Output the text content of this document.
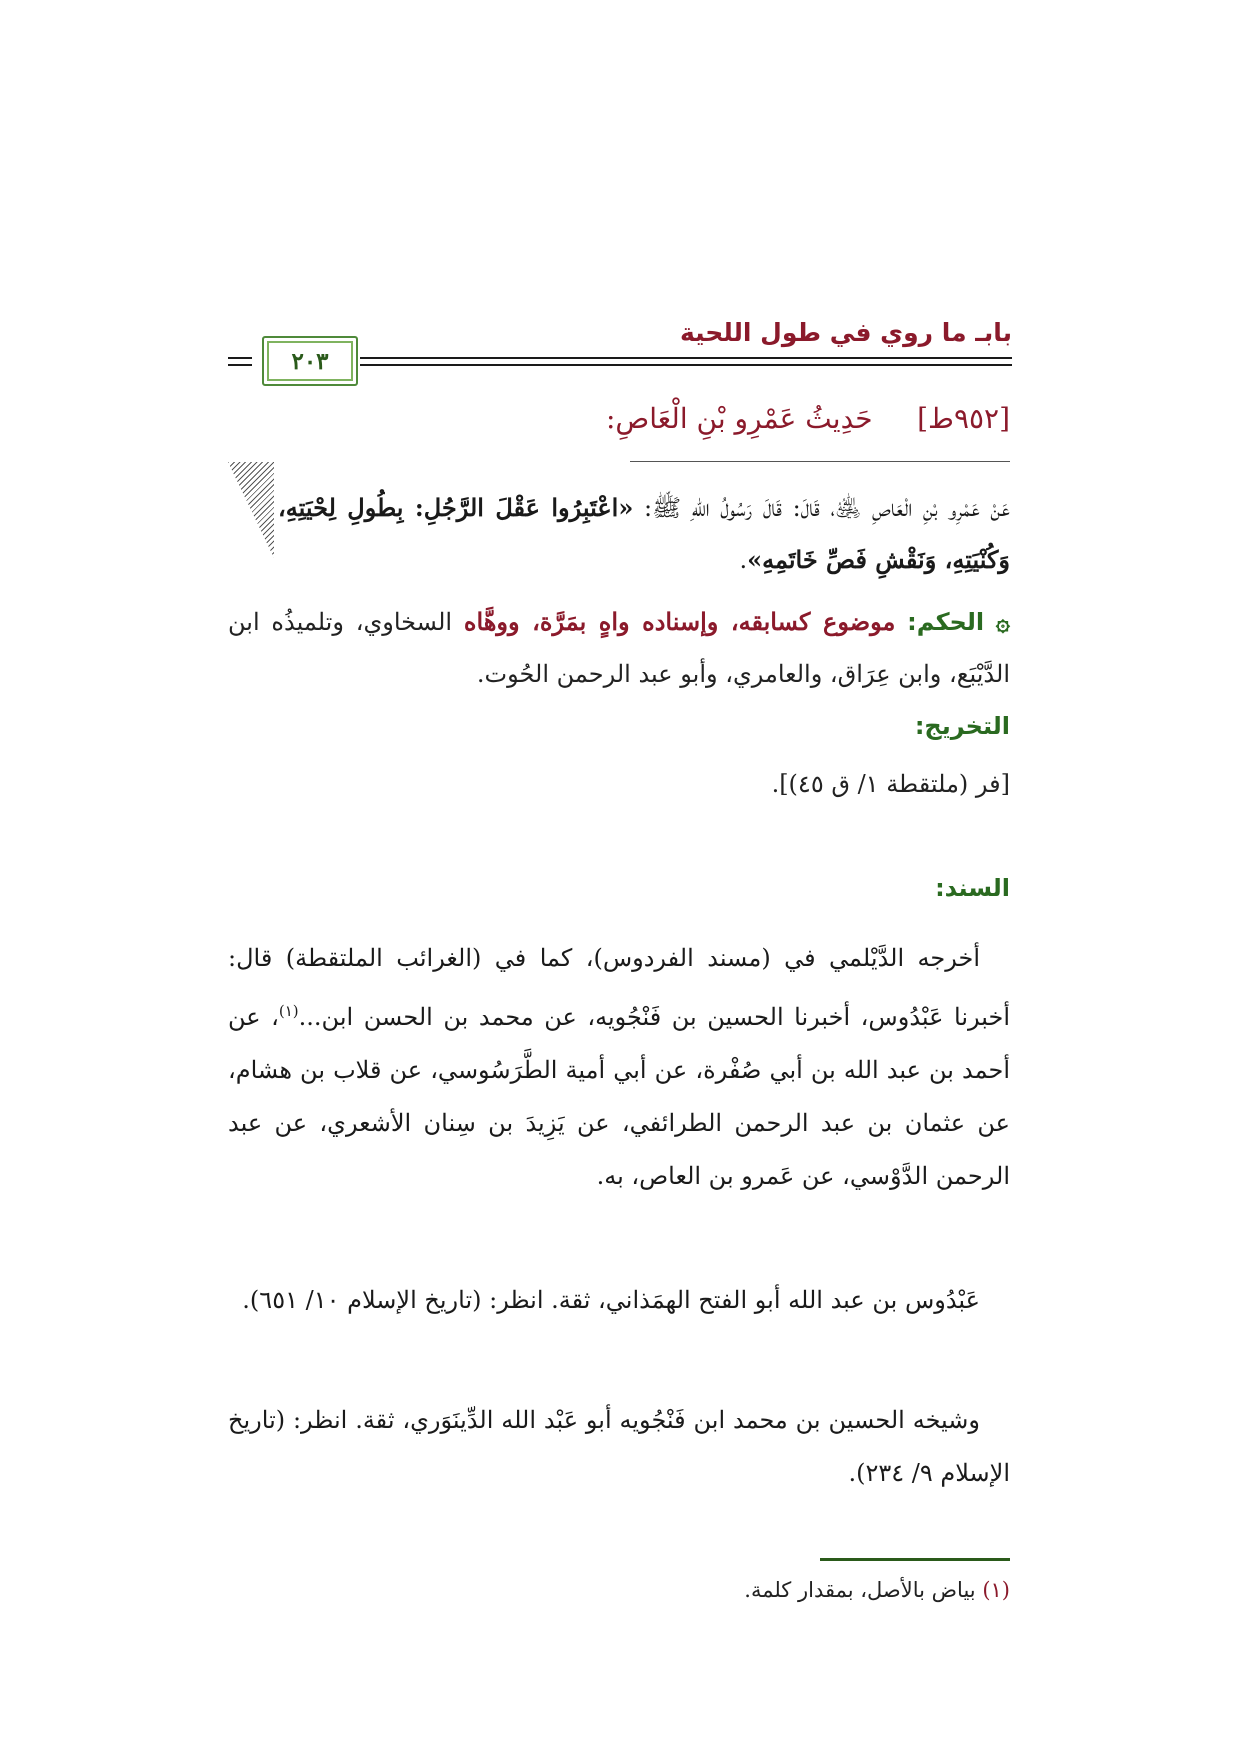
بابـ ما روي في طول اللحية
٢٠٣
[٩٥٢ط]     حَدِيثُ عَمْرِو بْنِ الْعَاصِ:
عَنْ عَمْرِو بْنِ الْعَاصِ ﵁، قَالَ: قَالَ رَسُولُ اللهِ ﷺ: «اعْتَبِرُوا عَقْلَ الرَّجُلِ: بِطُولِ لِحْيَتِهِ، وَكُنْيَتِهِ، وَنَقْشِ فَصِّ خَاتَمِهِ».
۞ الحكم: موضوع كسابقه، وإسناده واهٍ بمَرَّة، ووهَّاه السخاوي، وتلميذُه ابن الدَّيْبَع، وابن عِرَاق، والعامري، وأبو عبد الرحمن الحُوت.
التخريج:
[فر (ملتقطة ١/ ق ٤٥)].
السند:
أخرجه الدَّيْلمي في (مسند الفردوس)، كما في (الغرائب الملتقطة) قال: أخبرنا عَبْدُوس، أخبرنا الحسين بن فَنْجُويه، عن محمد بن الحسن ابن...$^{(١)}$، عن أحمد بن عبد الله بن أبي صُفْرة، عن أبي أمية الطَّرَسُوسي، عن قلاب بن هشام، عن عثمان بن عبد الرحمن الطرائفي، عن يَزِيدَ بن سِنان الأشعري، عن عبد الرحمن الدَّوْسي، عن عَمرو بن العاص، به.
عَبْدُوس بن عبد الله أبو الفتح الهمَذاني، ثقة. انظر: (تاريخ الإسلام ١٠/ ٦٥١).
وشيخه الحسين بن محمد ابن فَنْجُويه أبو عَبْد الله الدِّينَوَري، ثقة. انظر: (تاريخ الإسلام ٩/ ٢٣٤).
(١) بياض بالأصل، بمقدار كلمة.
